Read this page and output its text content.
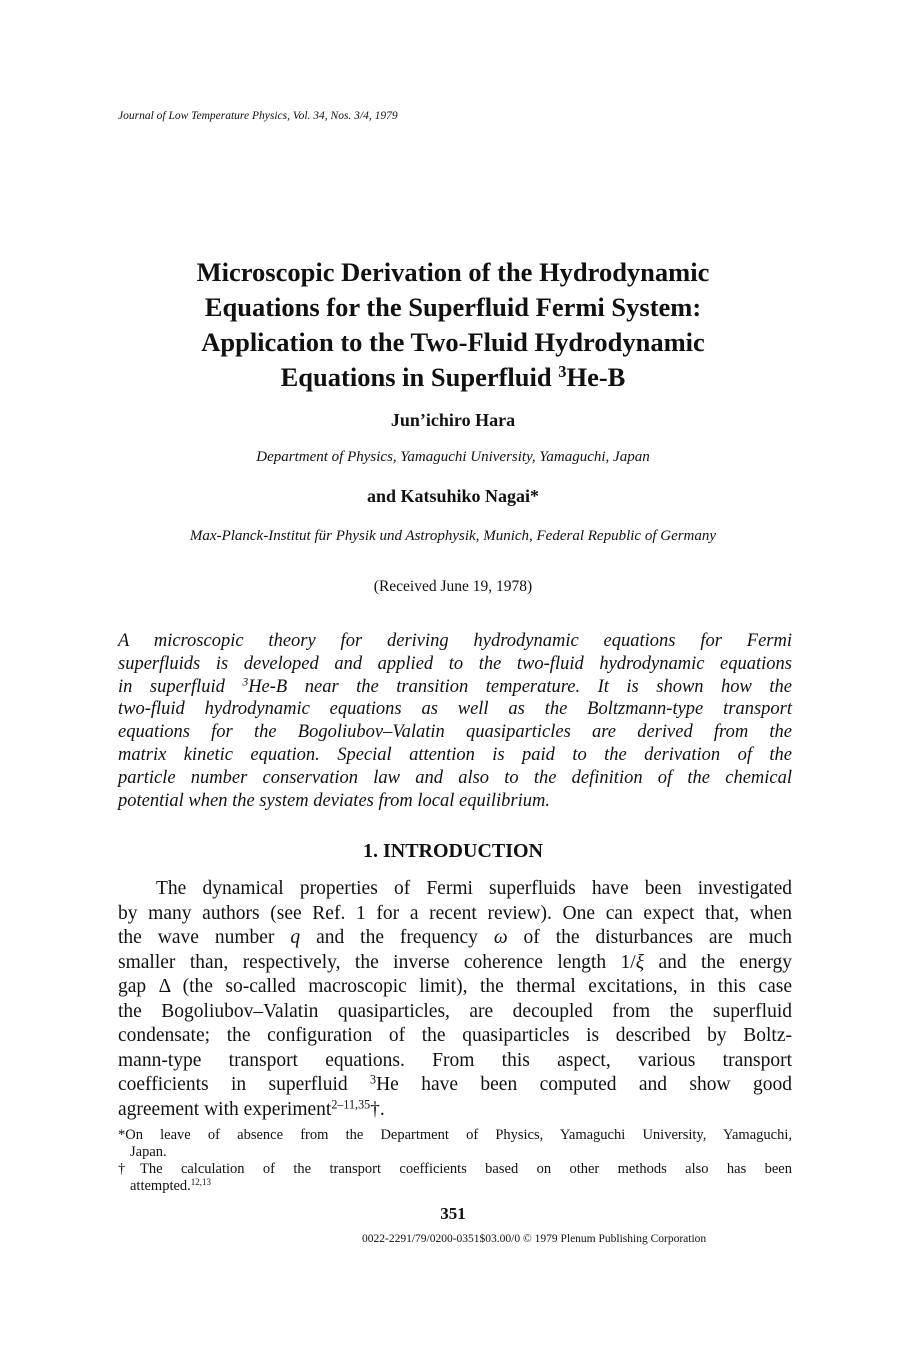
Journal of Low Temperature Physics, Vol. 34, Nos. 3/4, 1979
Microscopic Derivation of the Hydrodynamic
Equations for the Superfluid Fermi System:
Application to the Two-Fluid Hydrodynamic
Equations in Superfluid $^3$He-B
Jun’ichiro Hara
Department of Physics, Yamaguchi University, Yamaguchi, Japan
and Katsuhiko Nagai*
Max-Planck-Institut für Physik und Astrophysik, Munich, Federal Republic of Germany
(Received June 19, 1978)
A microscopic theory for deriving hydrodynamic equations for Fermi
superfluids is developed and applied to the two-fluid hydrodynamic equations
in superfluid $^3$He-B near the transition temperature. It is shown how the
two-fluid hydrodynamic equations as well as the Boltzmann-type transport
equations for the Bogoliubov–Valatin quasiparticles are derived from the
matrix kinetic equation. Special attention is paid to the derivation of the
particle number conservation law and also to the definition of the chemical
potential when the system deviates from local equilibrium.
1. INTRODUCTION
The dynamical properties of Fermi superfluids have been investigated
by many authors (see Ref. 1 for a recent review). One can expect that, when
the wave number q and the frequency ω of the disturbances are much
smaller than, respectively, the inverse coherence length 1/ξ and the energy
gap Δ (the so-called macroscopic limit), the thermal excitations, in this case
the Bogoliubov–Valatin quasiparticles, are decoupled from the superfluid
condensate; the configuration of the quasiparticles is described by Boltz-
mann-type transport equations. From this aspect, various transport
coefficients in superfluid $^3$He have been computed and show good
agreement with experiment$^{2-11,35}$†.
*On leave of absence from the Department of Physics, Yamaguchi University, Yamaguchi,
Japan.
†The calculation of the transport coefficients based on other methods also has been
attempted.$^{12,13}$
351
0022-2291/79/0200-0351$03.00/0 © 1979 Plenum Publishing Corporation
